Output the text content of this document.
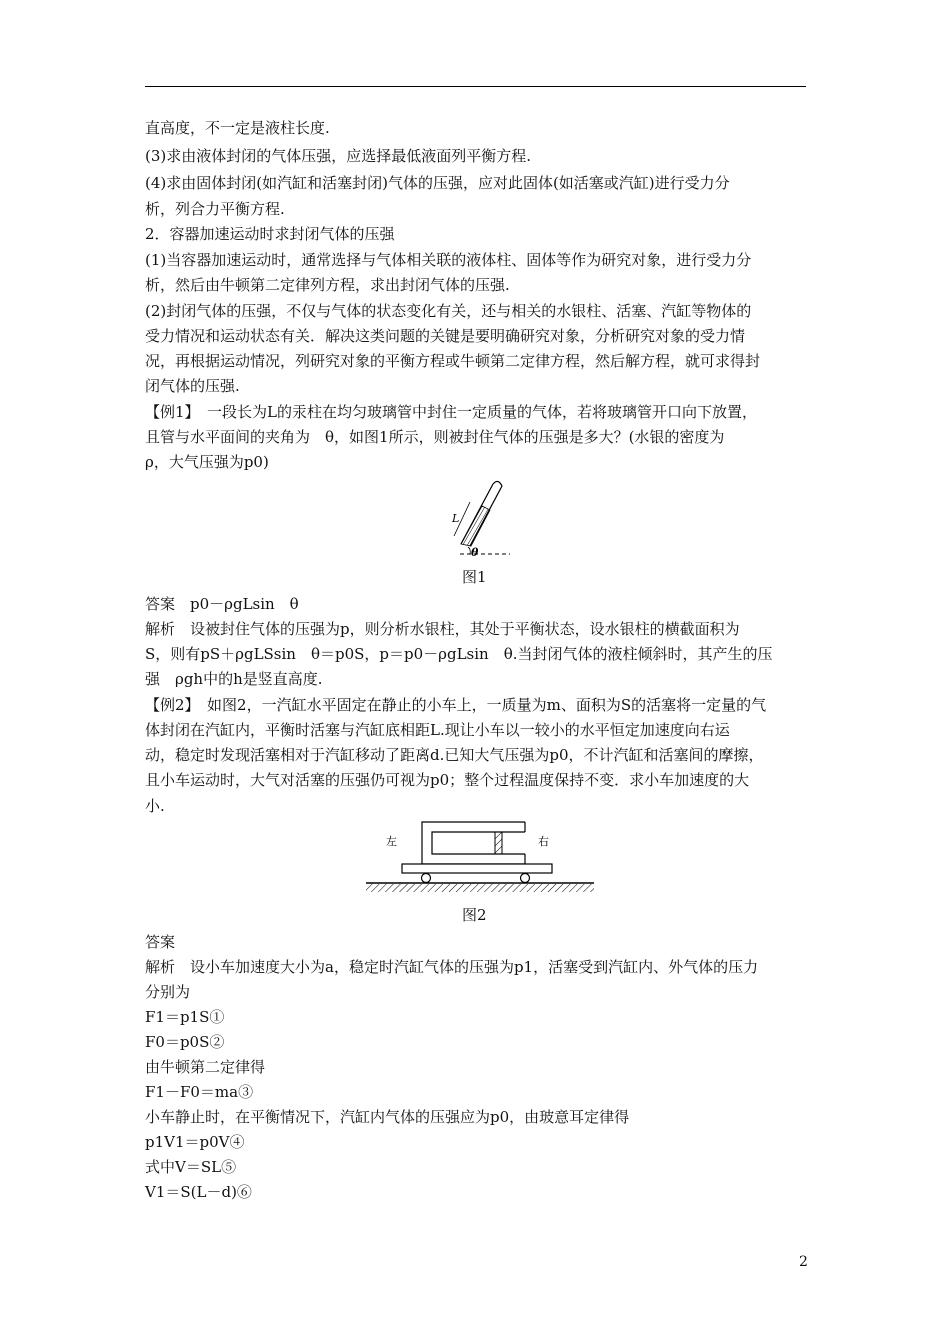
直高度，不一定是液柱长度.
(3)求由液体封闭的气体压强，应选择最低液面列平衡方程.
(4)求由固体封闭(如汽缸和活塞封闭)气体的压强，应对此固体(如活塞或汽缸)进行受力分
析，列合力平衡方程.
2．容器加速运动时求封闭气体的压强
(1)当容器加速运动时，通常选择与气体相关联的液体柱、固体等作为研究对象，进行受力分
析，然后由牛顿第二定律列方程，求出封闭气体的压强.
(2)封闭气体的压强，不仅与气体的状态变化有关，还与相关的水银柱、活塞、汽缸等物体的
受力情况和运动状态有关．解决这类问题的关键是要明确研究对象，分析研究对象的受力情
况，再根据运动情况，列研究对象的平衡方程或牛顿第二定律方程，然后解方程，就可求得封
闭气体的压强.
【例1】　一段长为L的汞柱在均匀玻璃管中封住一定质量的气体，若将玻璃管开口向下放置，
且管与水平面间的夹角为　θ，如图1所示，则被封住气体的压强是多大？(水银的密度为
ρ，大气压强为p0)
L
θ
图1
答案　p0－ρgLsin　θ
解析　设被封住气体的压强为p，则分析水银柱，其处于平衡状态，设水银柱的横截面积为
S，则有pS＋ρgLSsin　θ＝p0S，p＝p0－ρgLsin　θ.当封闭气体的液柱倾斜时，其产生的压
强　ρgh中的h是竖直高度.
【例2】　如图2，一汽缸水平固定在静止的小车上，一质量为m、面积为S的活塞将一定量的气
体封闭在汽缸内，平衡时活塞与汽缸底相距L.现让小车以一较小的水平恒定加速度向右运
动，稳定时发现活塞相对于汽缸移动了距离d.已知大气压强为p0，不计汽缸和活塞间的摩擦，
且小车运动时，大气对活塞的压强仍可视为p0；整个过程温度保持不变．求小车加速度的大
小.
左	右
图2
答案
解析　设小车加速度大小为a，稳定时汽缸气体的压强为p1，活塞受到汽缸内、外气体的压力
分别为
F1＝p1S①
F0＝p0S②
由牛顿第二定律得
F1－F0＝ma③
小车静止时，在平衡情况下，汽缸内气体的压强应为p0，由玻意耳定律得
p1V1＝p0V④
式中V＝SL⑤
V1＝S(L－d)⑥
2
